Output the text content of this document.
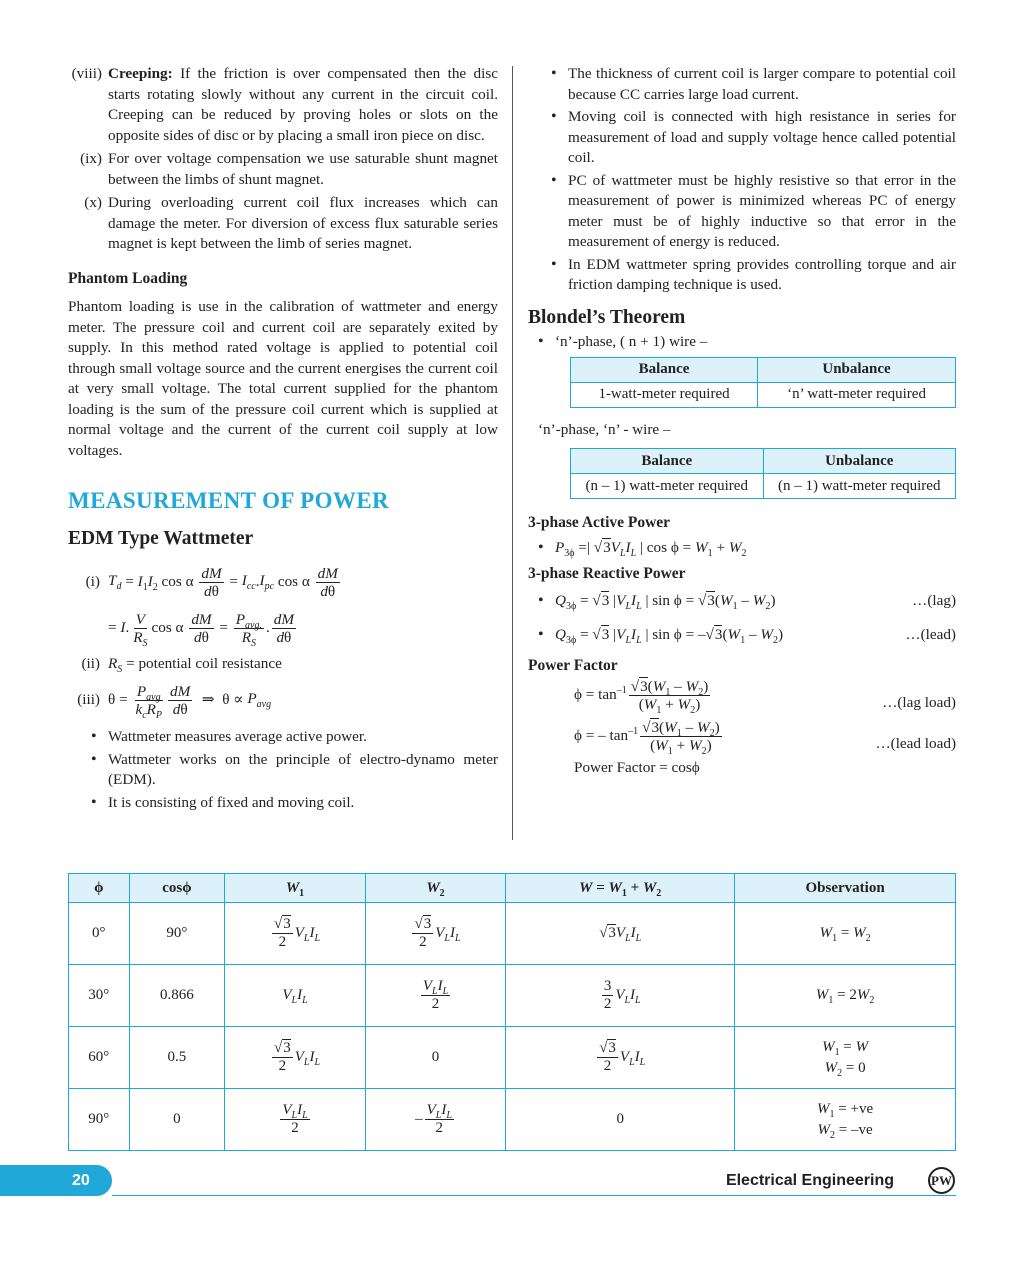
(viii) Creeping: If the friction is over compensated then the disc starts rotating slowly without any current in the circuit coil. Creeping can be reduced by proving holes or slots on the opposite sides of disc or by placing a small iron piece on disc.
(ix) For over voltage compensation we use saturable shunt magnet between the limbs of shunt magnet.
(x) During overloading current coil flux increases which can damage the meter. For diversion of excess flux saturable series magnet is kept between the limb of series magnet.
Phantom Loading
Phantom loading is use in the calibration of wattmeter and energy meter. The pressure coil and current coil are separately exited by supply. In this method rated voltage is applied to potential coil through small voltage source and the current energises the current coil at very small voltage. The total current supplied for the phantom loading is the sum of the pressure coil current which is supplied at normal voltage and the current of the current coil supply at low voltages.
MEASUREMENT OF POWER
EDM Type Wattmeter
(i) $T_d = I_1I_2$ cos α $\frac{dM}{d\theta} = I_{cc}.I_{pc}$ cos α $\frac{dM}{d\theta}$
= I. $\frac{V}{R_S}$ cos α $\frac{dM}{d\theta} = \frac{P_{avg.}}{R_S}$ . $\frac{dM}{d\theta}$
(ii) $R_S$ = potential coil resistance
(iii) $\theta = \frac{P_{avg}}{k_cR_P} \frac{dM}{d\theta}$ ⇒  $\theta \propto P_{avg}$
• Wattmeter measures average active power.
• Wattmeter works on the principle of electro-dynamo meter (EDM).
• It is consisting of fixed and moving coil.
• The thickness of current coil is larger compare to potential coil because CC carries large load current.
• Moving coil is connected with high resistance in series for measurement of load and supply voltage hence called potential coil.
• PC of wattmeter must be highly resistive so that error in the measurement of power is minimized whereas PC of energy meter must be of highly inductive so that error in the measurement of energy is reduced.
• In EDM wattmeter spring provides controlling torque and air friction damping technique is used.
Blondel’s Theorem
• ‘n’-phase, ( n + 1) wire –
Balance	Unbalance
1-watt-meter required	‘n’ watt-meter required
‘n’-phase, ‘n’ - wire –
Balance	Unbalance
(n – 1) watt-meter required	(n – 1) watt-meter required
3-phase Active Power
• $P_{3\phi}$ =| $√3V_LI_L$ | $\cos \phi = W_1 + W_2$
3-phase Reactive Power
• $Q_{3\phi} = √3$ $|V_LI_L$ | $\sin \phi = √3(W_1 - W_2)$	…(lag)
• $Q_{3\phi} = √3$ $|V_LI_L$ | $\sin \phi = -√3(W_1 - W_2)$	…(lead)
Power Factor
$\phi = \tan^{-1} \frac{√3(W_1 - W_2)}{(W_1 + W_2)}$	…(lag load)
ϕ = – $\tan^{-1} \frac{√3(W_1 - W_2)}{(W_1 + W_2)}$	…(lead load)
Power Factor = cosϕ
ϕ	cosϕ	$W_1$	$W_2$	$W = W_1 + W_2$	Observation
0°	90°	$\frac{√3}{2} V_LI_L$	$\frac{√3}{2} V_LI_L$	$√3V_LI_L$	$W_1 = W_2$
30°	0.866	$V_LI_L$	$\frac{V_LI_L}{2}$	$\frac{3}{2} V_LI_L$	$W_1 = 2W_2$
60°	0.5	$\frac{√3}{2} V_LI_L$	0	$\frac{√3}{2} V_LI_L$	$W_1 = W$
$W_2 = 0$
90°	0	$\frac{V_LI_L}{2}$	– $\frac{V_LI_L}{2}$	0	$W_1 = +ve$
$W_2 = -ve$
20	Electrical Engineering	PW
